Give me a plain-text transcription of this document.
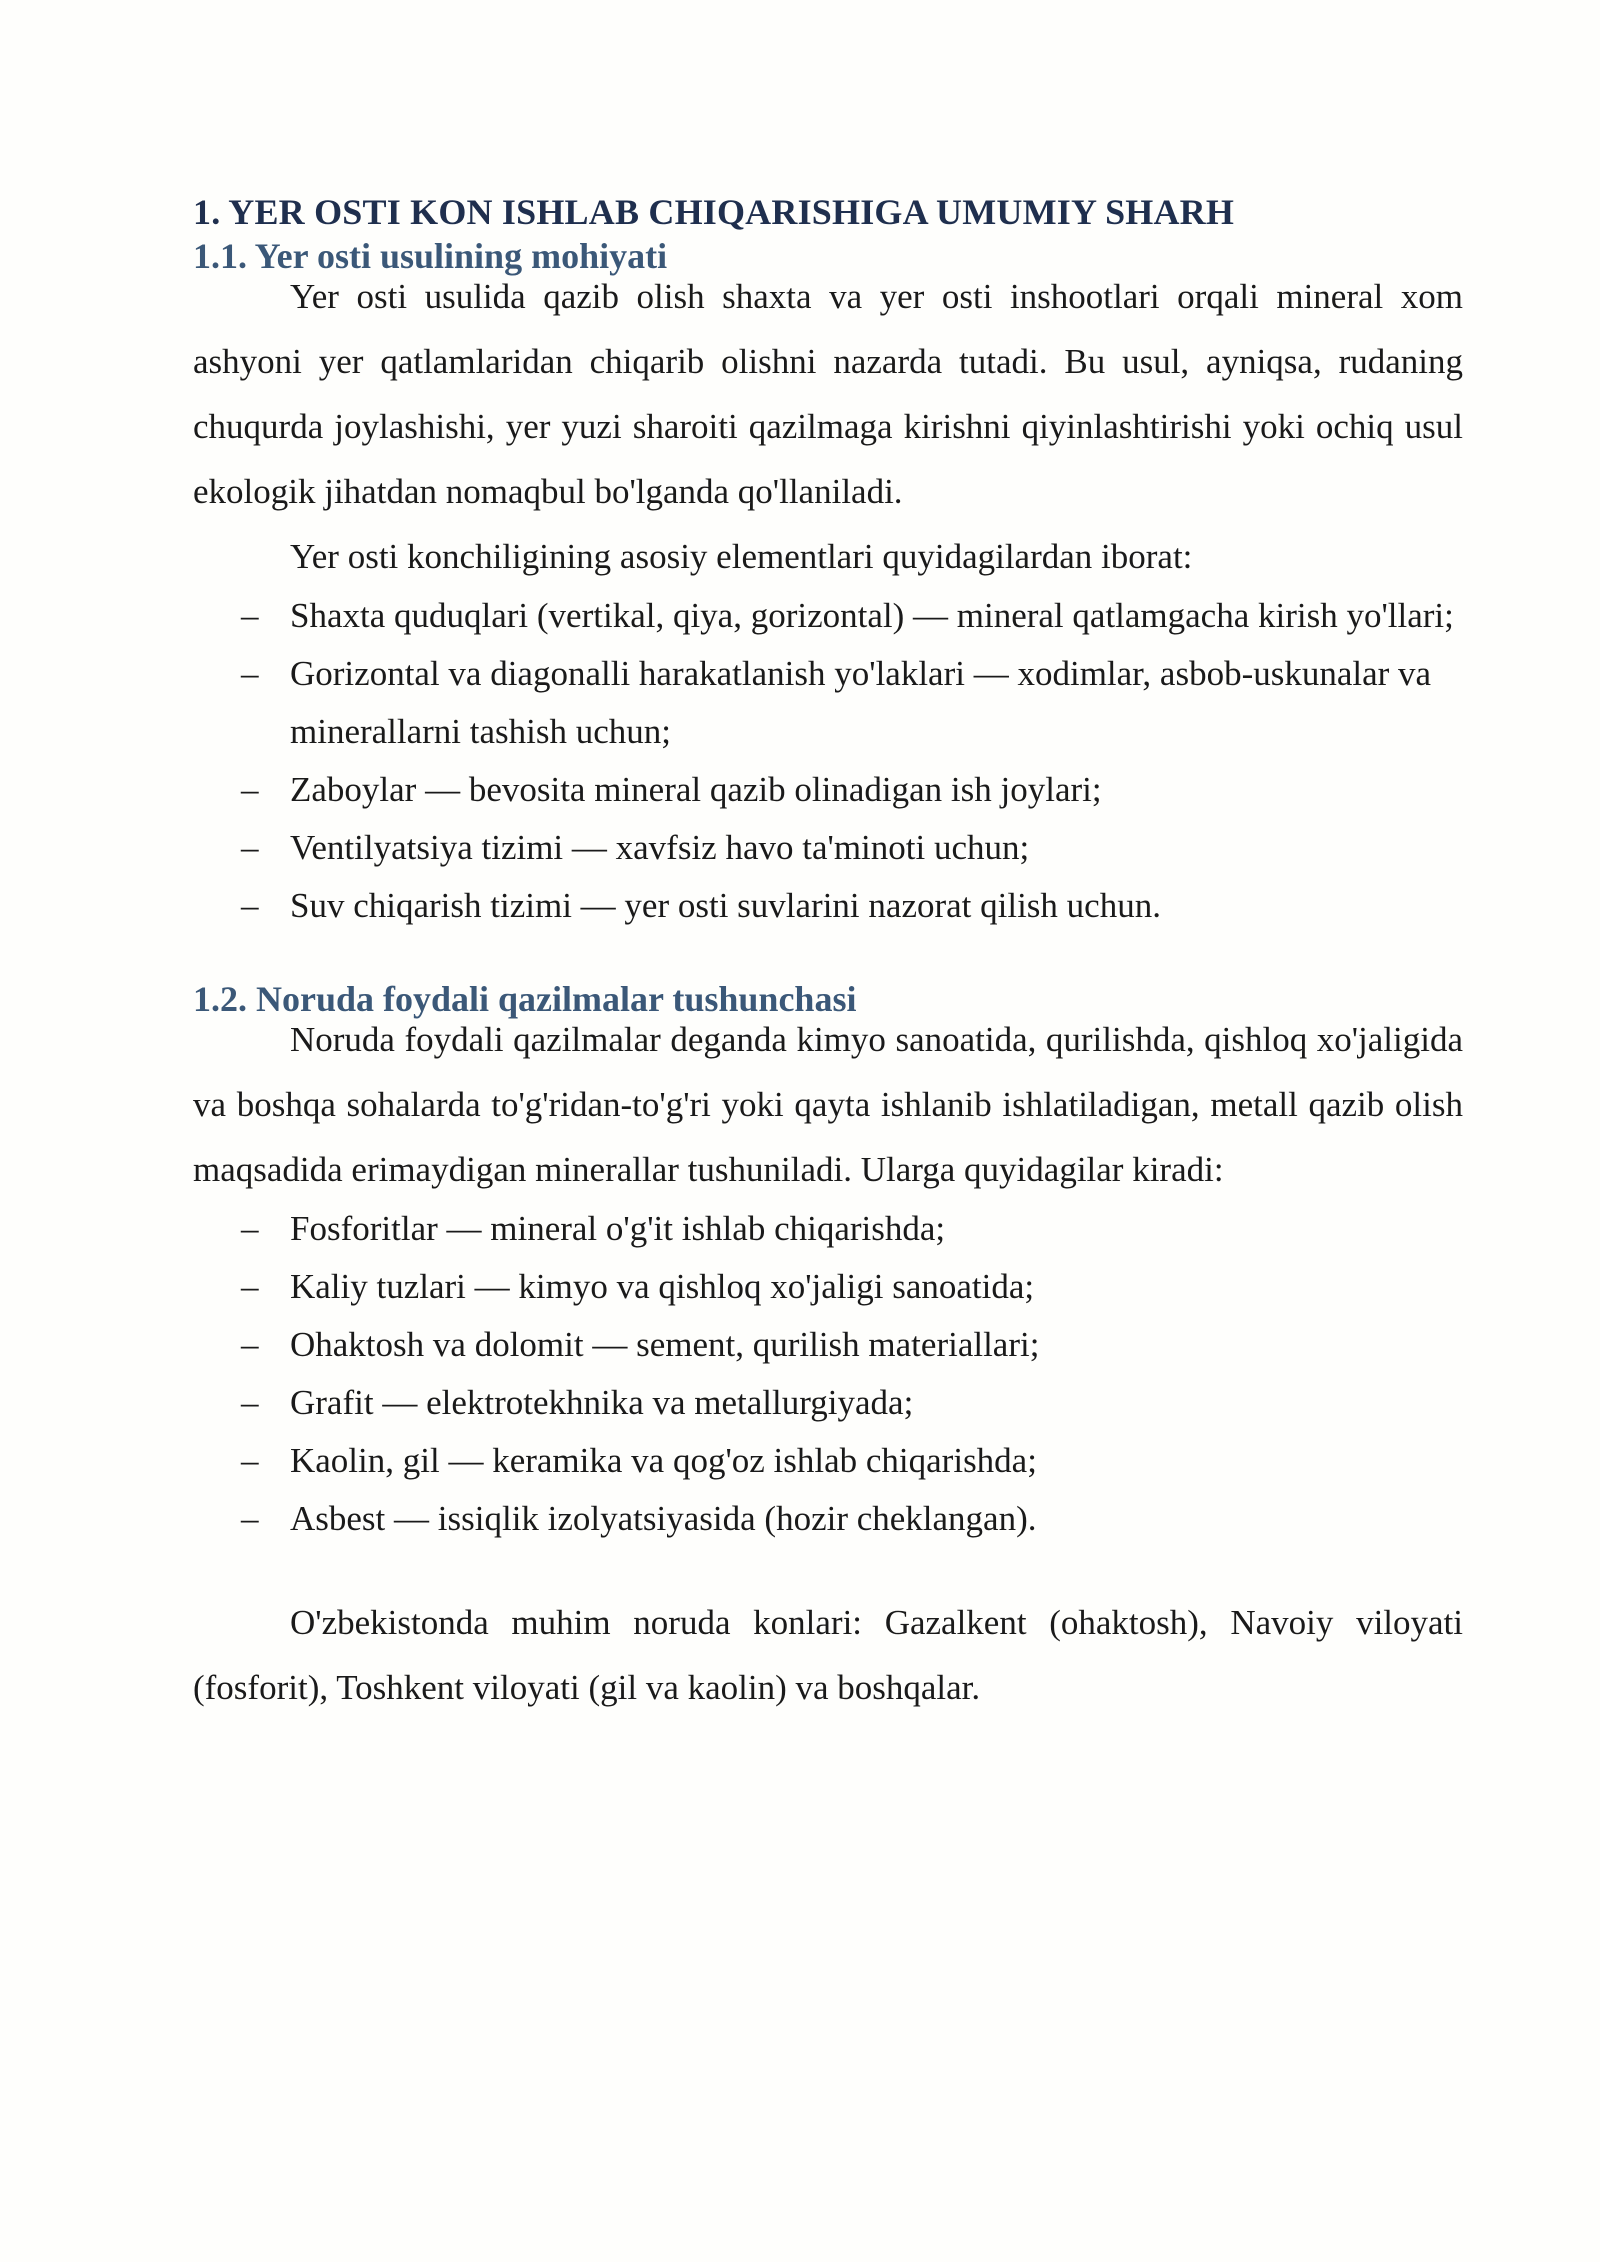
1. YER OSTI KON ISHLAB CHIQARISHIGA UMUMIY SHARH
1.1. Yer osti usulining mohiyati

Yer osti usulida qazib olish shaxta va yer osti inshootlari orqali mineral xom ashyoni yer qatlamlaridan chiqarib olishni nazarda tutadi. Bu usul, ayniqsa, rudaning chuqurda joylashishi, yer yuzi sharoiti qazilmaga kirishni qiyinlashtirishi yoki ochiq usul ekologik jihatdan nomaqbul bo'lganda qo'llaniladi.

Yer osti konchiligining asosiy elementlari quyidagilardan iborat:

– Shaxta quduqlari (vertikal, qiya, gorizontal) — mineral qatlamgacha kirish yo'llari;
– Gorizontal va diagonalli harakatlanish yo'laklari — xodimlar, asbob-uskunalar va minerallarni tashish uchun;
– Zaboylar — bevosita mineral qazib olinadigan ish joylari;
– Ventilyatsiya tizimi — xavfsiz havo ta'minoti uchun;
– Suv chiqarish tizimi — yer osti suvlarini nazorat qilish uchun.
1.2. Noruda foydali qazilmalar tushunchasi

Noruda foydali qazilmalar deganda kimyo sanoatida, qurilishda, qishloq xo'jaligida va boshqa sohalarda to'g'ridan-to'g'ri yoki qayta ishlanib ishlatiladigan, metall qazib olish maqsadida erimaydigan minerallar tushuniladi. Ularga quyidagilar kiradi:

– Fosforitlar — mineral o'g'it ishlab chiqarishda;
– Kaliy tuzlari — kimyo va qishloq xo'jaligi sanoatida;
– Ohaktosh va dolomit — sement, qurilish materiallari;
– Grafit — elektrotekhnika va metallurgiyada;
– Kaolin, gil — keramika va qog'oz ishlab chiqarishda;
– Asbest — issiqlik izolyatsiyasida (hozir cheklangan).

O'zbekistonda muhim noruda konlari: Gazalkent (ohaktosh), Navoiy viloyati (fosforit), Toshkent viloyati (gil va kaolin) va boshqalar.
